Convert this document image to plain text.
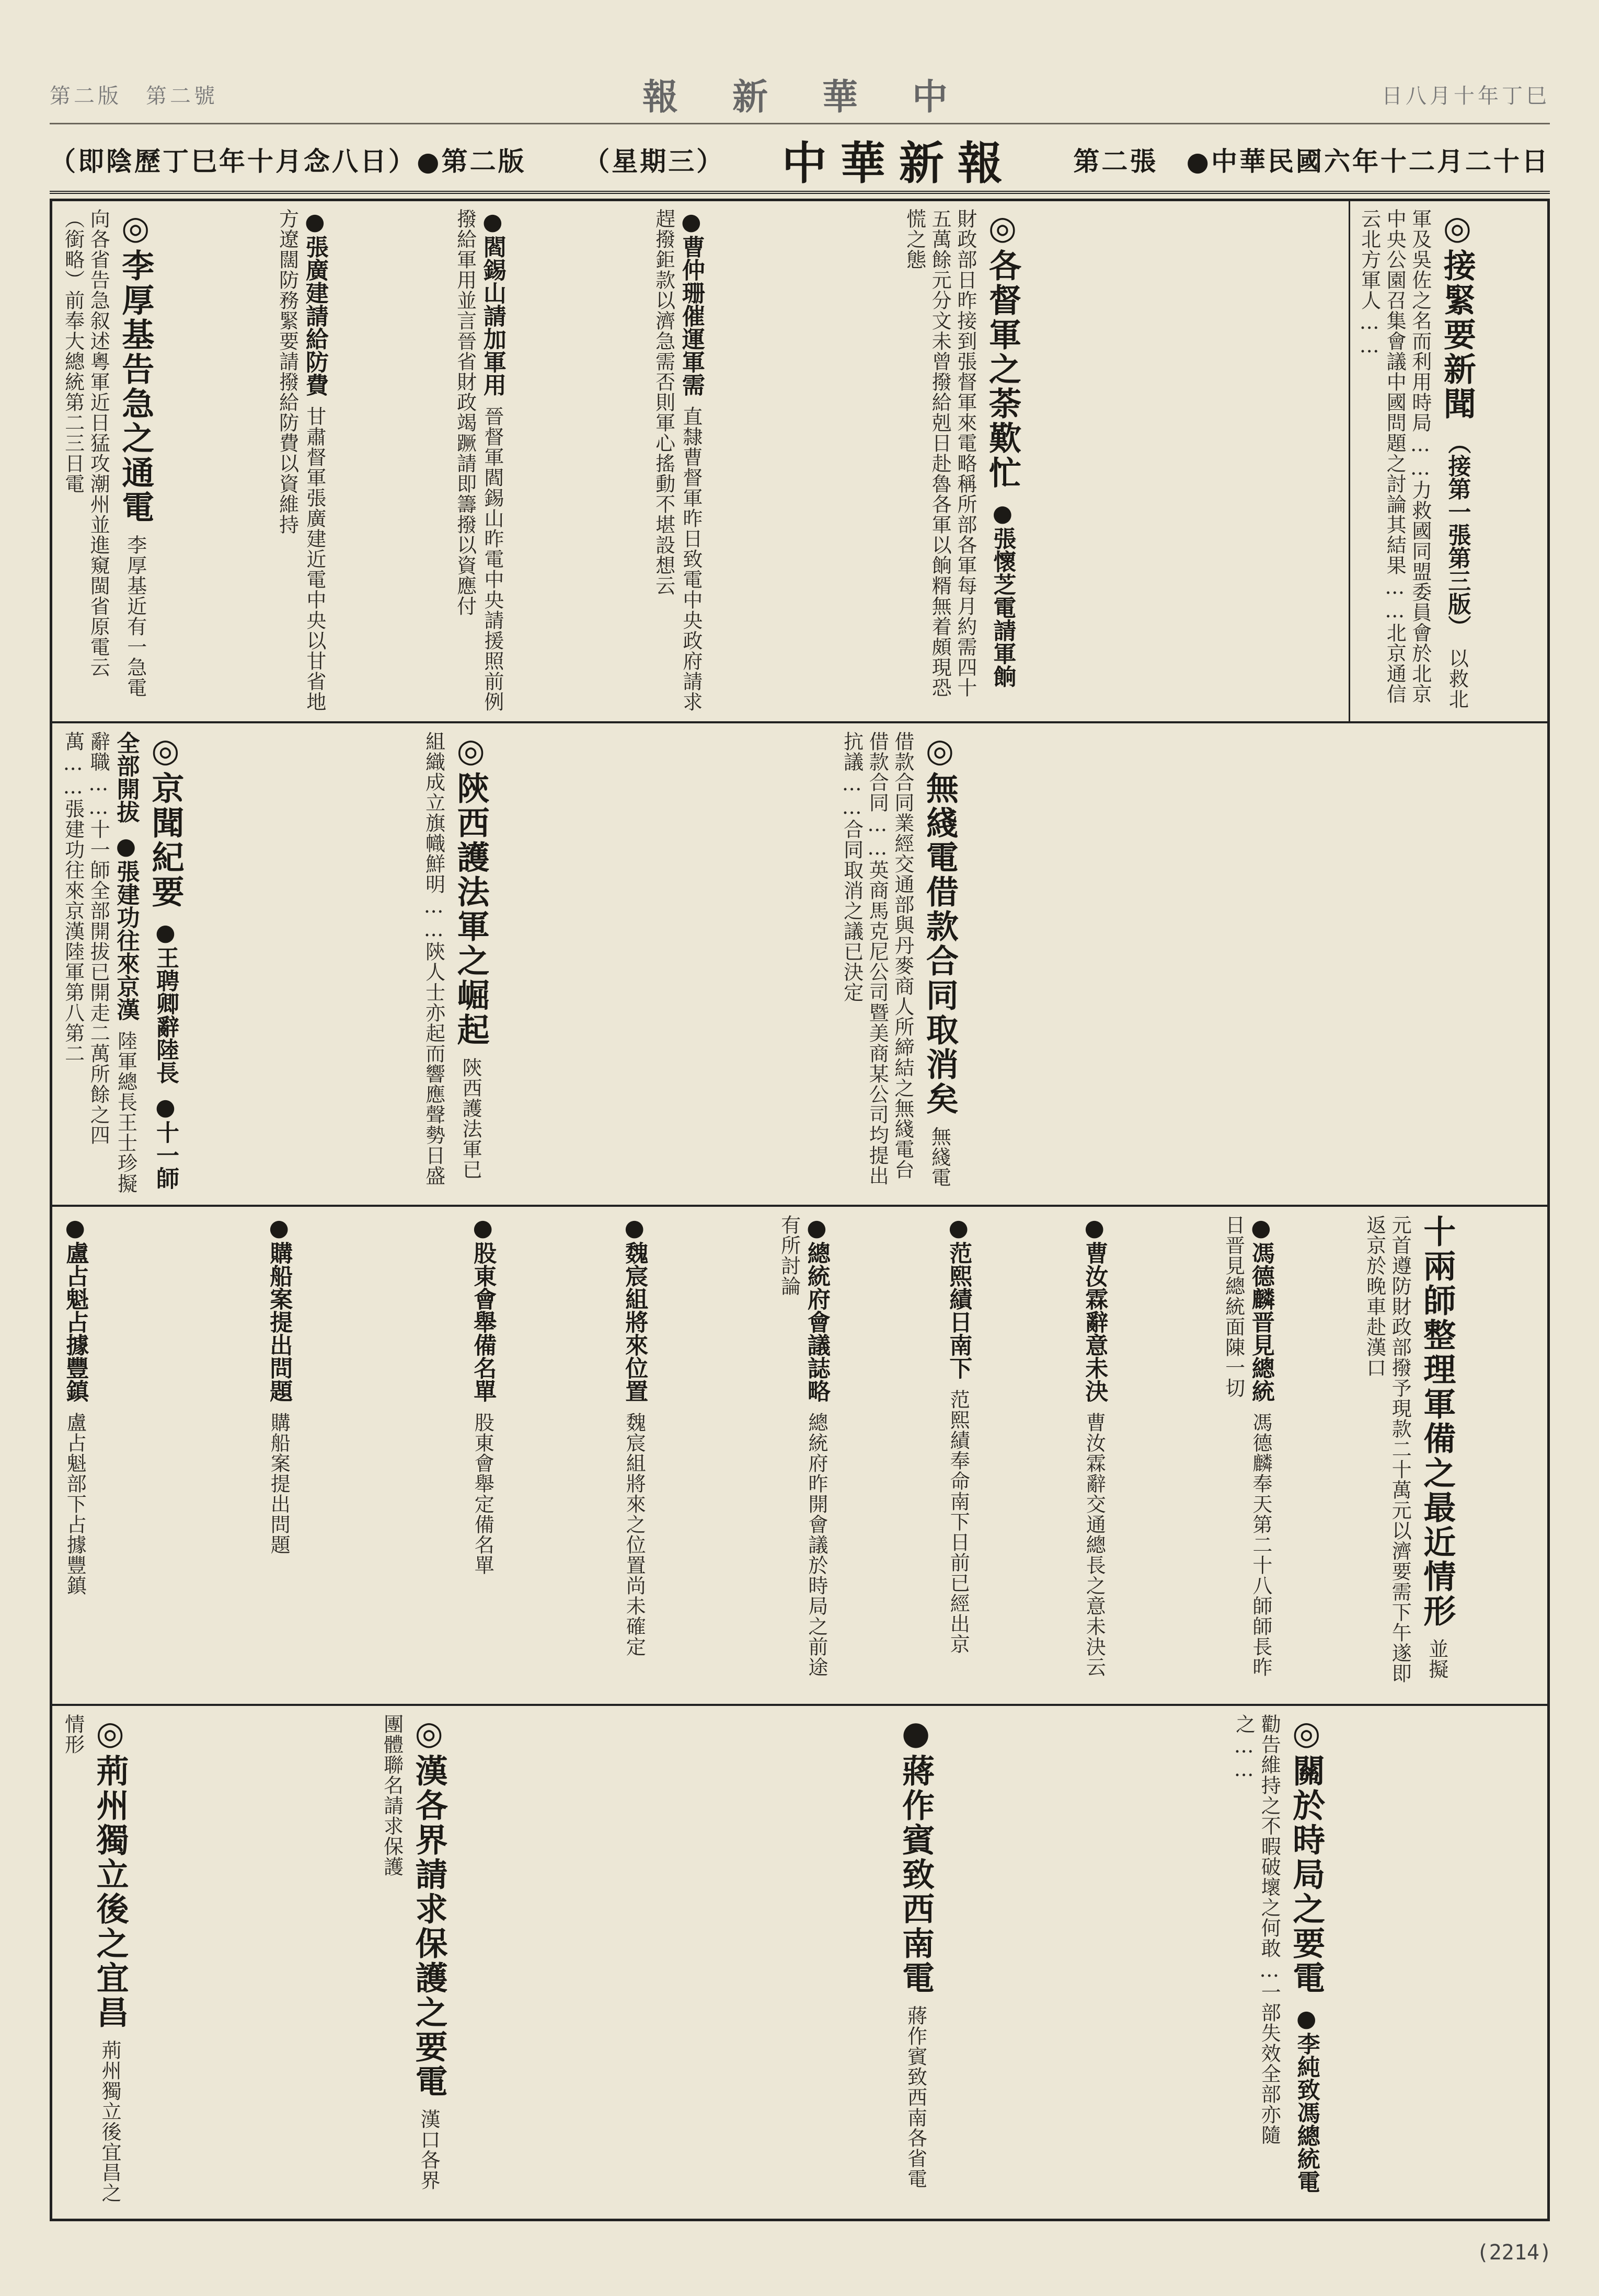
第二版　第二號	報　新　華　中	日八月十年丁巳
（即陰歷丁巳年十月念八日）●第二版 （星期三） 中華新報 第二張　●中華民國六年十二月二十日
◎接緊要新聞 （接第一張第三版） 以救北軍及吳佐之名而利用時局……力救國同盟委員會於北京中央公園召集會議中國問題之討論其結果……北京通信云北方軍人……
◎各督軍之荼歎忙 ●張懷芝電請軍餉 財政部日昨接到張督軍來電略稱所部各軍每月約需四十五萬餘元分文未曾撥給剋日赴魯各軍以餉糈無着頗現恐慌之態
●曹仲珊催運軍需 直隸曹督軍昨日致電中央政府請求趕撥鉅款以濟急需否則軍心搖動不堪設想云
●閻錫山請加軍用 晉督軍閻錫山昨電中央請援照前例撥給軍用並言晉省財政竭蹶請即籌撥以資應付
●張廣建請給防費 甘肅督軍張廣建近電中央以甘省地方遼闊防務緊要請撥給防費以資維持
◎李厚基告急之通電 李厚基近有一急電向各省告急叙述粵軍近日猛攻潮州並進窺閩省原電云（銜略）前奉大總統第二三日電
◎無綫電借款合同取消矣 無綫電借款合同業經交通部與丹麥商人所締結之無綫電台借款合同……英商馬克尼公司暨美商某公司均提出抗議……合同取消之議已決定
◎陝西護法軍之崛起 陝西護法軍已組織成立旗幟鮮明……陝人士亦起而響應聲勢日盛
◎京聞紀要 ●王聘卿辭陸長 ●十一師全部開拔 ●張建功往來京漢 陸軍總長王士珍擬辭職……十一師全部開拔已開走二萬所餘之四萬……張建功往來京漢陸軍第八第二
十兩師整理軍備之最近情形 並擬元首遵防財政部撥予現款二十萬元以濟要需下午遂即返京於晚車赴漢口
●馮德麟晋見總統 馮德麟奉天第二十八師師長昨日晋見總統面陳一切
●曹汝霖辭意未決 曹汝霖辭交通總長之意未決云
●范熙績日南下 范熙績奉命南下日前已經出京
●總統府會議誌略 總統府昨開會議於時局之前途有所討論
●魏宸組將來位置 魏宸組將來之位置尚未確定
●股東會舉備名單 股東會舉定備名單
●購船案提出問題 購船案提出問題
●盧占魁占據豐鎮 盧占魁部下占據豐鎮
◎關於時局之要電 ●李純致馮總統電 勸告維持之不暇破壞之何敢…一部失效全部亦隨之……
●蔣作賓致西南電 蔣作賓致西南各省電
◎漢各界請求保護之要電 漢口各界團體聯名請求保護
◎荊州獨立後之宜昌 荊州獨立後宜昌之情形
(2214)
